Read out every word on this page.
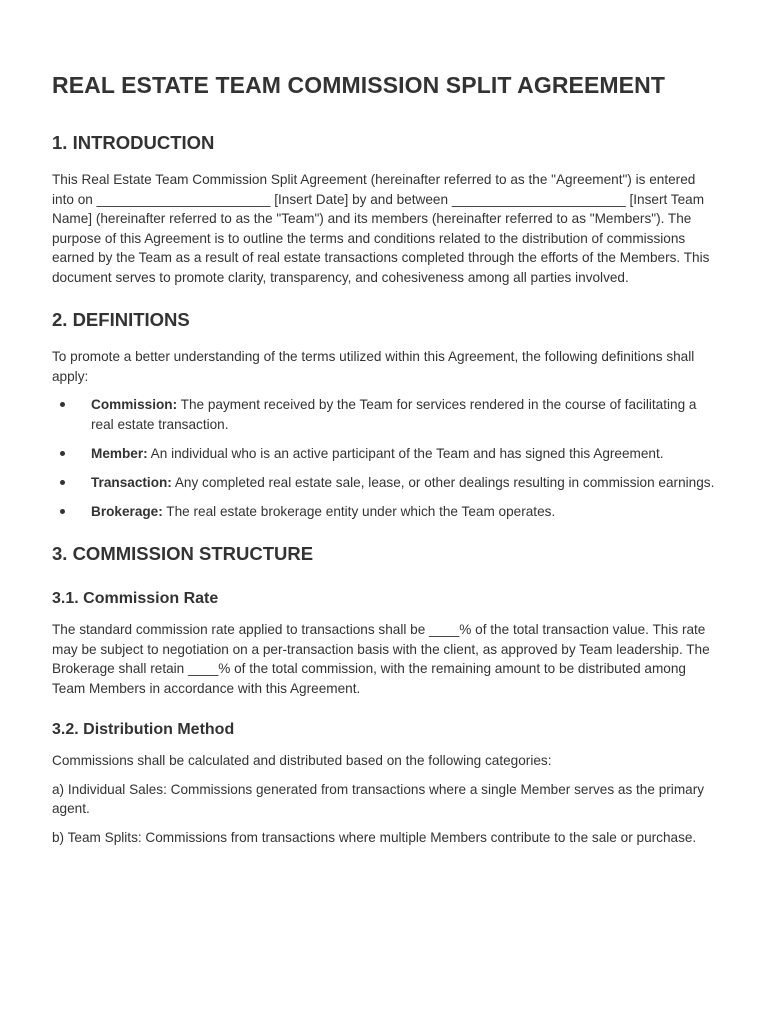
REAL ESTATE TEAM COMMISSION SPLIT AGREEMENT
1. INTRODUCTION

This Real Estate Team Commission Split Agreement (hereinafter referred to as the "Agreement") is entered into on _______________________ [Insert Date] by and between _______________________ [Insert Team Name] (hereinafter referred to as the "Team") and its members (hereinafter referred to as "Members"). The purpose of this Agreement is to outline the terms and conditions related to the distribution of commissions earned by the Team as a result of real estate transactions completed through the efforts of the Members. This document serves to promote clarity, transparency, and cohesiveness among all parties involved.

2. DEFINITIONS

To promote a better understanding of the terms utilized within this Agreement, the following definitions shall apply:

Commission: The payment received by the Team for services rendered in the course of facilitating a real estate transaction.
Member: An individual who is an active participant of the Team and has signed this Agreement.
Transaction: Any completed real estate sale, lease, or other dealings resulting in commission earnings.
Brokerage: The real estate brokerage entity under which the Team operates.
3. COMMISSION STRUCTURE
3.1. Commission Rate

The standard commission rate applied to transactions shall be ____% of the total transaction value. This rate may be subject to negotiation on a per-transaction basis with the client, as approved by Team leadership. The Brokerage shall retain ____% of the total commission, with the remaining amount to be distributed among Team Members in accordance with this Agreement.

3.2. Distribution Method

Commissions shall be calculated and distributed based on the following categories:

a) Individual Sales: Commissions generated from transactions where a single Member serves as the primary agent.

b) Team Splits: Commissions from transactions where multiple Members contribute to the sale or purchase.
